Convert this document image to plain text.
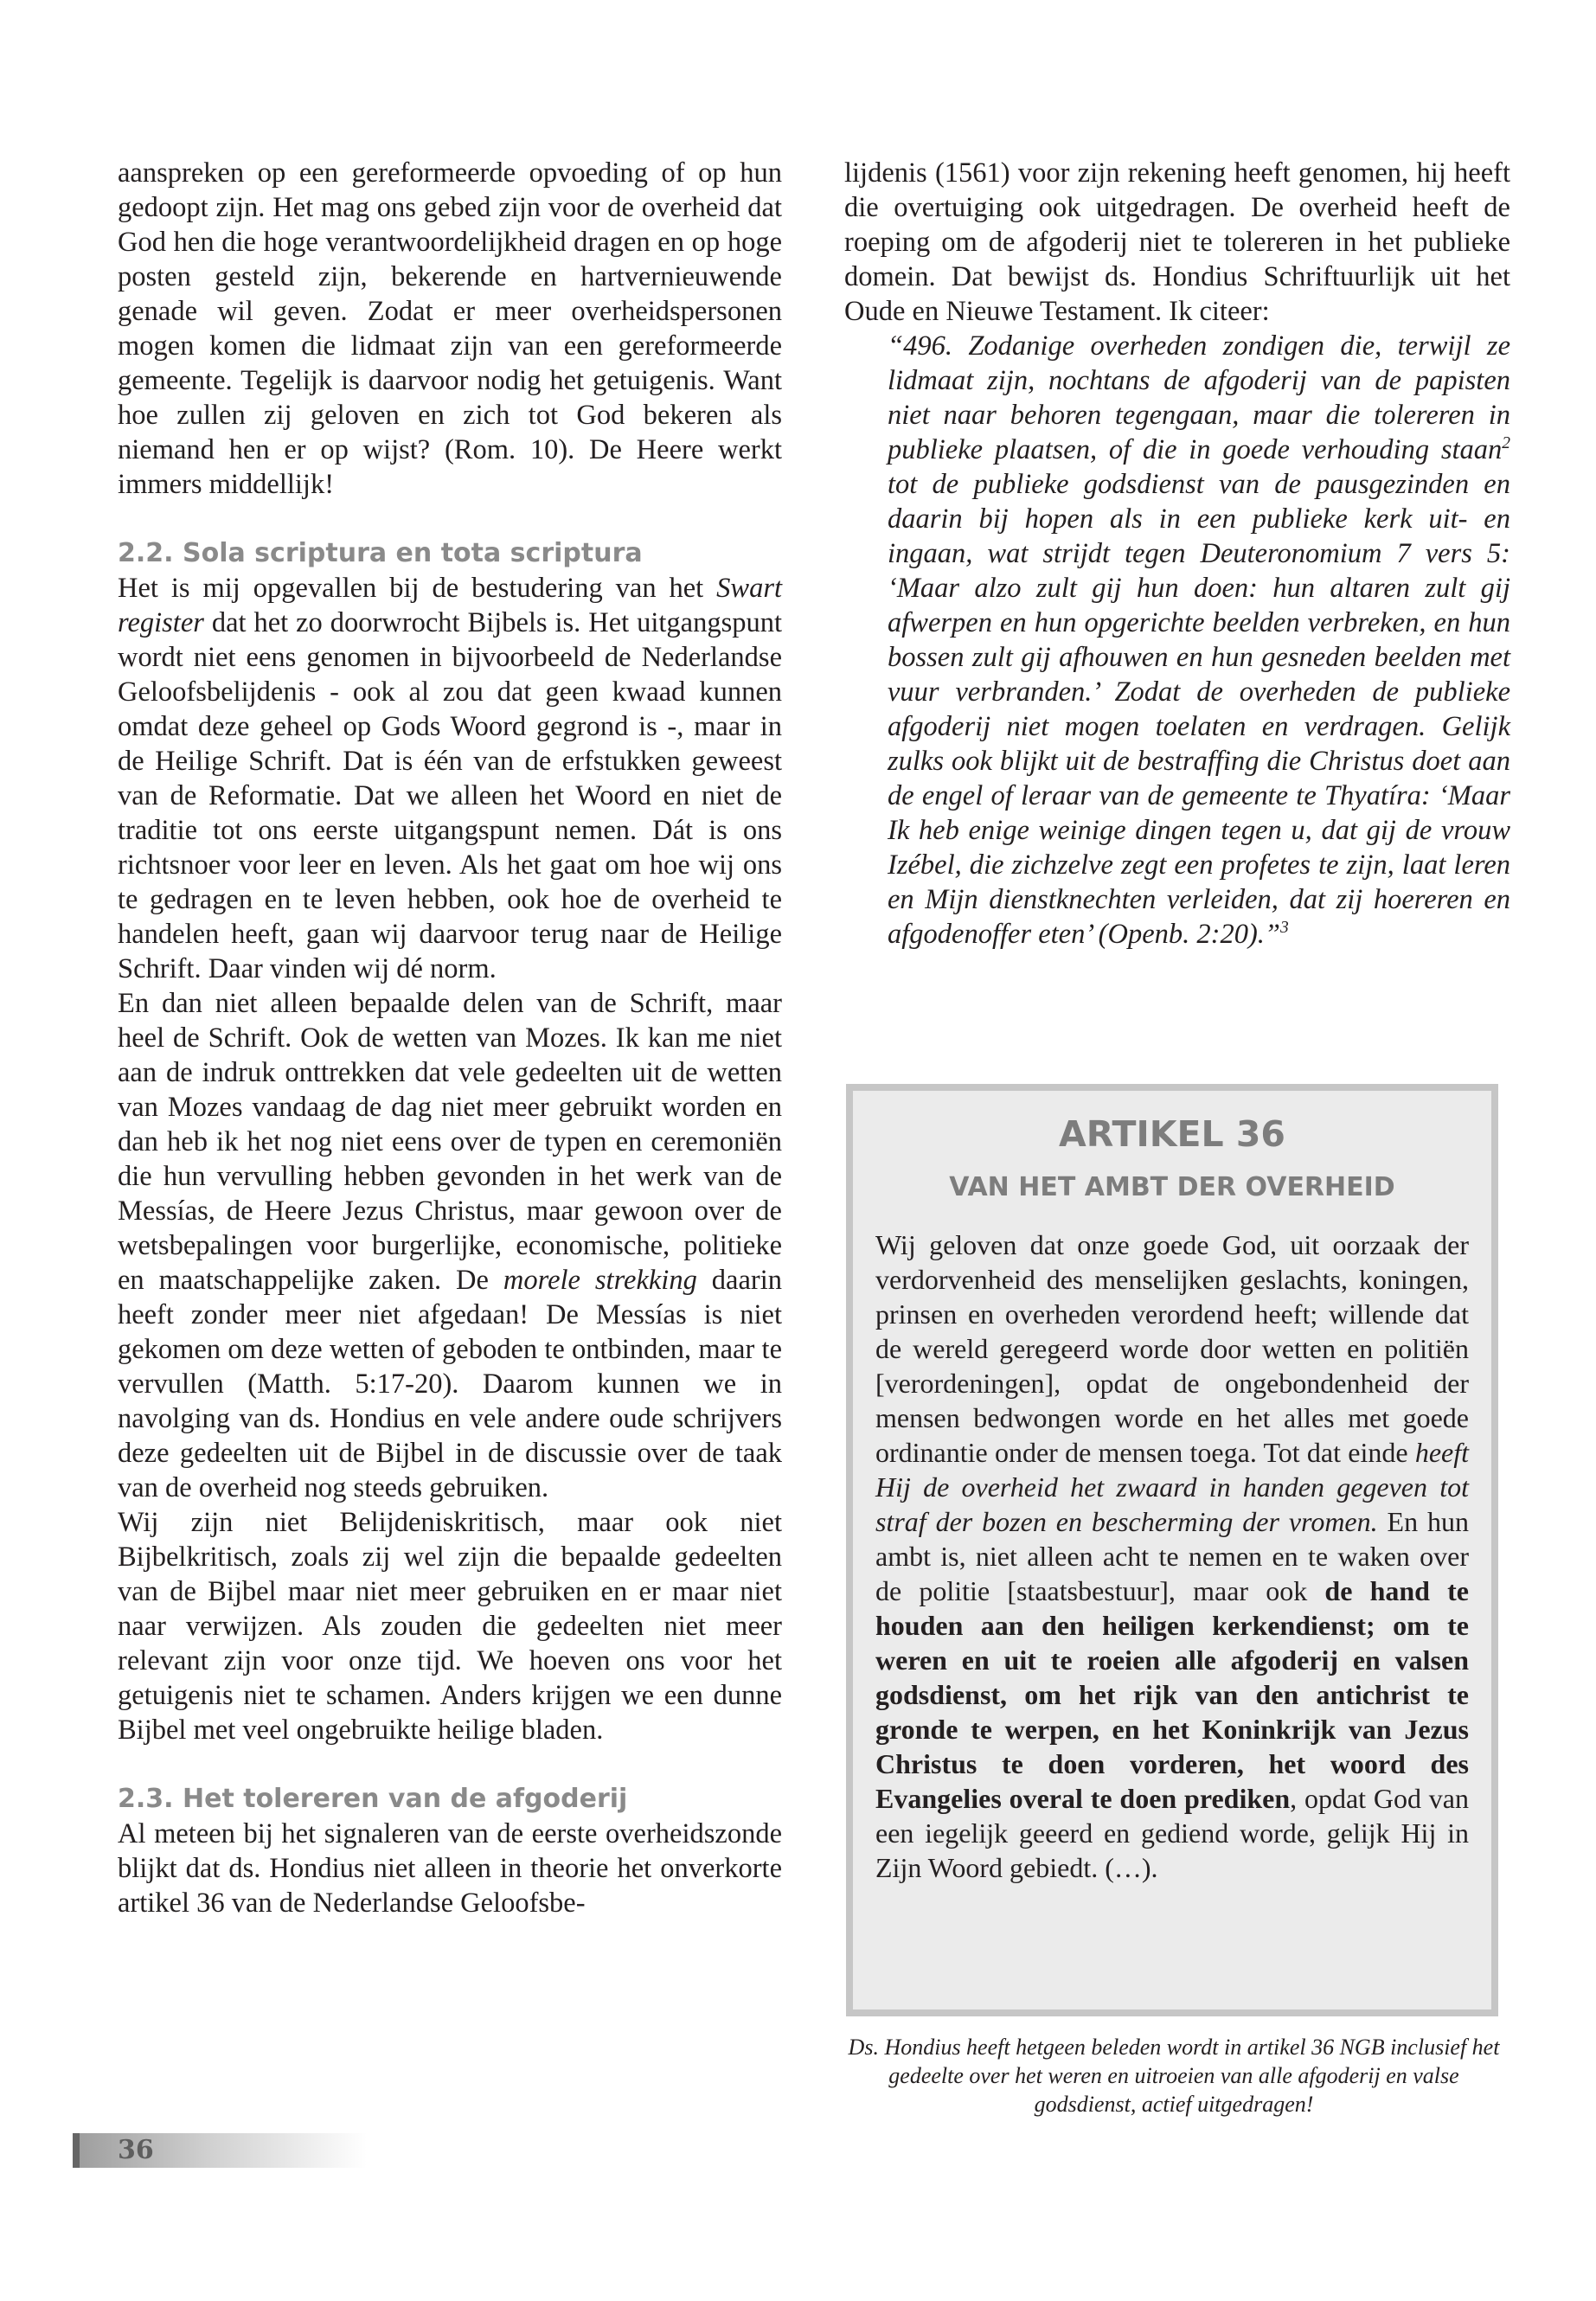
aanspreken op een gereformeerde opvoeding of op hun gedoopt zijn. Het mag ons gebed zijn voor de overheid dat God hen die hoge verantwoordelijkheid dragen en op hoge posten gesteld zijn, bekerende en hartvernieuwende genade wil geven. Zodat er meer overheidspersonen mogen komen die lidmaat zijn van een gereformeerde gemeente. Tegelijk is daarvoor nodig het getuigenis. Want hoe zullen zij geloven en zich tot God bekeren als niemand hen er op wijst? (Rom. 10). De Heere werkt immers middellijk!

2.2. Sola scriptura en tota scriptura

Het is mij opgevallen bij de bestudering van het Swart register dat het zo doorwrocht Bijbels is. Het uitgangspunt wordt niet eens genomen in bijvoorbeeld de Nederlandse Geloofsbelijdenis - ook al zou dat geen kwaad kunnen omdat deze geheel op Gods Woord gegrond is -, maar in de Heilige Schrift. Dat is één van de erfstukken geweest van de Reformatie. Dat we alleen het Woord en niet de traditie tot ons eerste uitgangspunt nemen. Dát is ons richtsnoer voor leer en leven. Als het gaat om hoe wij ons te gedragen en te leven hebben, ook hoe de overheid te handelen heeft, gaan wij daarvoor terug naar de Heilige Schrift. Daar vinden wij dé norm.

En dan niet alleen bepaalde delen van de Schrift, maar heel de Schrift. Ook de wetten van Mozes. Ik kan me niet aan de indruk onttrekken dat vele gedeelten uit de wetten van Mozes vandaag de dag niet meer gebruikt worden en dan heb ik het nog niet eens over de typen en ceremoniën die hun vervulling hebben gevonden in het werk van de Messías, de Heere Jezus Christus, maar gewoon over de wetsbepalingen voor burgerlijke, economische, politieke en maatschappelijke zaken. De morele strekking daarin heeft zonder meer niet afgedaan! De Messías is niet gekomen om deze wetten of geboden te ontbinden, maar te vervullen (Matth. 5:17-20). Daarom kunnen we in navolging van ds. Hondius en vele andere oude schrijvers deze gedeelten uit de Bijbel in de discussie over de taak van de overheid nog steeds gebruiken.

Wij zijn niet Belijdeniskritisch, maar ook niet Bijbelkritisch, zoals zij wel zijn die bepaalde gedeelten van de Bijbel maar niet meer gebruiken en er maar niet naar verwijzen. Als zouden die gedeelten niet meer relevant zijn voor onze tijd. We hoeven ons voor het getuigenis niet te schamen. Anders krijgen we een dunne Bijbel met veel ongebruikte heilige bladen.

2.3. Het tolereren van de afgoderij

Al meteen bij het signaleren van de eerste overheidszonde blijkt dat ds. Hondius niet alleen in theorie het onverkorte artikel 36 van de Nederlandse Geloofsbe-

lijdenis (1561) voor zijn rekening heeft genomen, hij heeft die overtuiging ook uitgedragen. De overheid heeft de roeping om de afgoderij niet te tolereren in het publieke domein. Dat bewijst ds. Hondius Schriftuurlijk uit het Oude en Nieuwe Testament. Ik citeer:

“496. Zodanige overheden zondigen die, terwijl ze lidmaat zijn, nochtans de afgoderij van de papisten niet naar behoren tegengaan, maar die tolereren in publieke plaatsen, of die in goede verhouding staan$^2$ tot de publieke godsdienst van de pausgezinden en daarin bij hopen als in een publieke kerk uit- en ingaan, wat strijdt tegen Deuteronomium 7 vers 5: ‘Maar alzo zult gij hun doen: hun altaren zult gij afwerpen en hun opgerichte beelden verbreken, en hun bossen zult gij afhouwen en hun gesneden beelden met vuur verbranden.’ Zodat de overheden de publieke afgoderij niet mogen toelaten en verdragen. Gelijk zulks ook blijkt uit de bestraffing die Christus doet aan de engel of leraar van de gemeente te Thyatíra: ‘Maar Ik heb enige weinige dingen tegen u, dat gij de vrouw Izébel, die zichzelve zegt een profetes te zijn, laat leren en Mijn dienstknechten verleiden, dat zij hoereren en afgodenoffer eten’ (Openb. 2:20).”$^3$

ARTIKEL 36

VAN HET AMBT DER OVERHEID

Wij geloven dat onze goede God, uit oorzaak der verdorvenheid des menselijken geslachts, koningen, prinsen en overheden verordend heeft; willende dat de wereld geregeerd worde door wetten en politiën [verordeningen], opdat de ongebondenheid der mensen bedwongen worde en het alles met goede ordinantie onder de mensen toega. Tot dat einde heeft Hij de overheid het zwaard in handen gegeven tot straf der bozen en bescherming der vromen. En hun ambt is, niet alleen acht te nemen en te waken over de politie [staatsbestuur], maar ook de hand te houden aan den heiligen kerkendienst; om te weren en uit te roeien alle afgoderij en valsen godsdienst, om het rijk van den antichrist te gronde te werpen, en het Koninkrijk van Jezus Christus te doen vorderen, het woord des Evangelies overal te doen prediken, opdat God van een iegelijk geeerd en gediend worde, gelijk Hij in Zijn Woord gebiedt. (…).

Ds. Hondius heeft hetgeen beleden wordt in artikel 36 NGB inclusief het gedeelte over het weren en uitroeien van alle afgoderij en valse godsdienst, actief uitgedragen!

36
